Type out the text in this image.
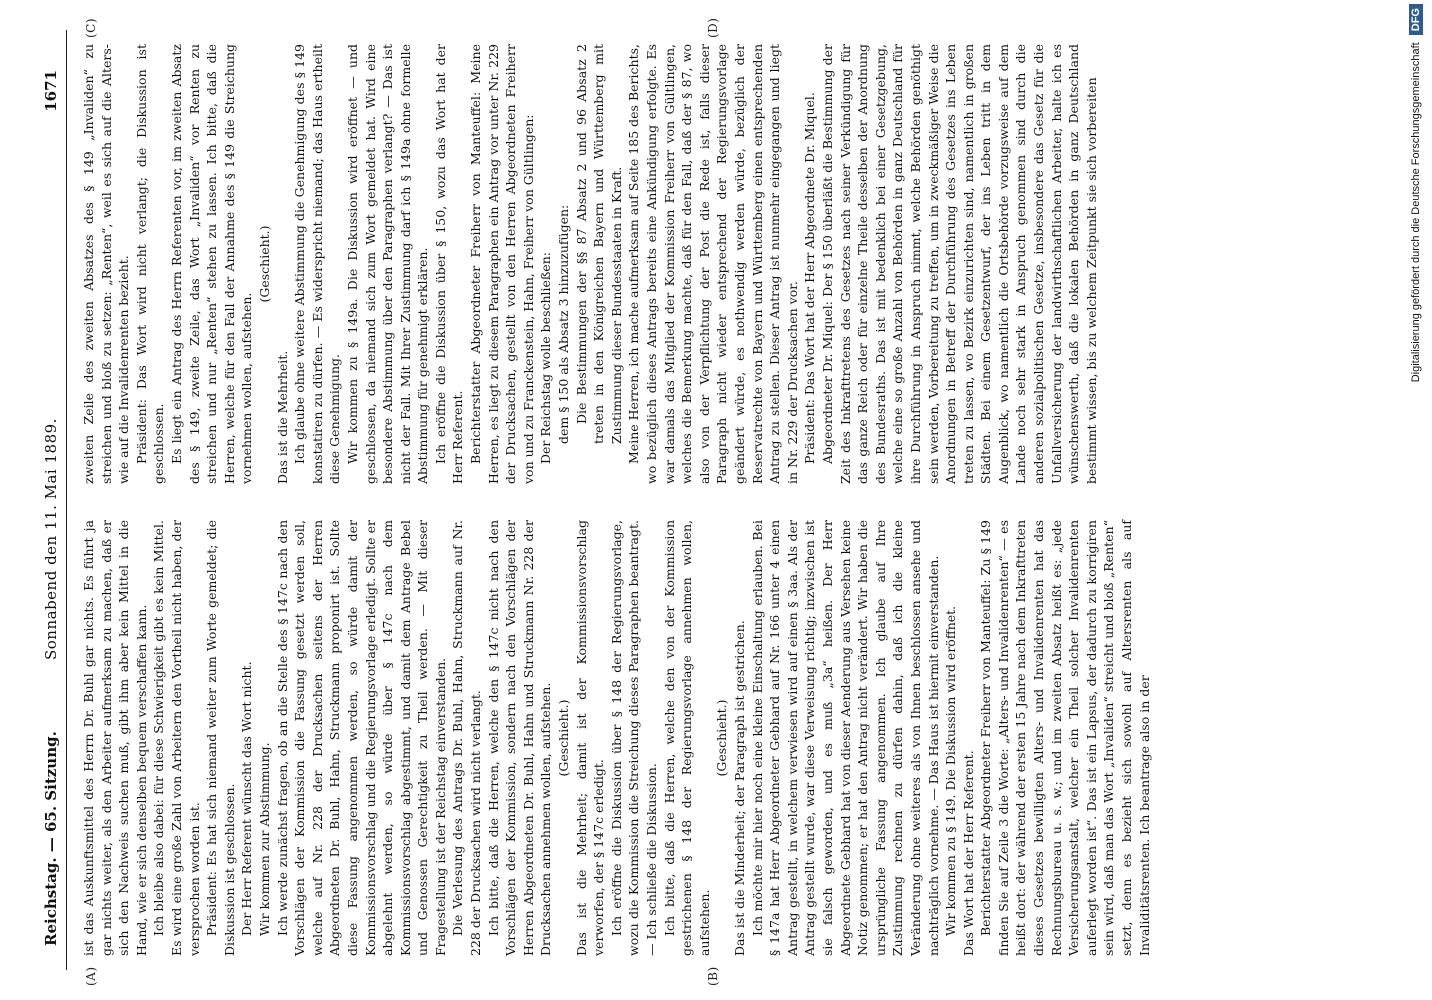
Reichstag. — 65. Sitzung.
Sonnabend den 11. Mai 1889.
1671
(A)	(B)
(C)	(D)

ist das Auskunftsmittel des Herrn Dr. Buhl gar nichts. Es führt ja gar nichts weiter, als den Arbeiter aufmerksam zu machen, daß er sich den Nachweis suchen muß, gibt ihm aber kein Mittel in die Hand, wie er sich denselben bequem verschaffen kann. Ich bleibe also dabei: für diese Schwierigkeit gibt es kein Mittel. Es wird eine große Zahl von Arbeitern den Vortheil nicht haben, der versprochen worden ist. Präsident: Es hat sich niemand weiter zum Worte gemeldet; die Diskussion ist geschlossen. Der Herr Referent wünscht das Wort nicht. Wir kommen zur Abstimmung. Ich werde zunächst fragen, ob an die Stelle des § 147c nach den Vorschlägen der Kommission die Fassung gesetzt werden soll, welche auf Nr. 228 der Drucksachen seitens der Herren Abgeordneten Dr. Buhl, Hahn, Struckmann proponirt ist. Sollte diese Fassung angenommen werden, so würde damit der Kommissionsvorschlag und die Regierungsvorlage erledigt. Sollte er abgelehnt werden, so würde über § 147c nach dem Kommissionsvorschlag abgestimmt, und damit dem Antrage Bebel und Genossen Gerechtigkeit zu Theil werden. — Mit dieser Fragestellung ist der Reichstag einverstanden. Die Verlesung des Antrags Dr. Buhl, Hahn, Struckmann auf Nr. 228 der Drucksachen wird nicht verlangt. Ich bitte, daß die Herren, welche den § 147c nicht nach den Vorschlägen der Kommission, sondern nach den Vorschlägen der Herren Abgeordneten Dr. Buhl, Hahn und Struckmann Nr. 228 der Drucksachen annehmen wollen, aufstehen. (Geschieht.) Das ist die Mehrheit; damit ist der Kommissionsvorschlag verworfen, der § 147c erledigt. Ich eröffne die Diskussion über § 148 der Regierungsvorlage, wozu die Kommission die Streichung dieses Paragraphen beantragt. — Ich schließe die Diskussion. Ich bitte, daß die Herren, welche den von der Kommission gestrichenen § 148 der Regierungsvorlage annehmen wollen, aufstehen.

(Geschieht.) Das ist die Minderheit; der Paragraph ist gestrichen. Ich möchte mir hier noch eine kleine Einschaltung erlauben. Bei § 147a hat Herr Abgeordneter Gebhard auf Nr. 166 unter 4 einen Antrag gestellt, in welchem verwiesen wird auf einen § 3aa. Als der Antrag gestellt wurde, war diese Verweisung richtig; inzwischen ist sie falsch geworden, und es muß „3a“ heißen. Der Herr Abgeordnete Gebhard hat von dieser Aenderung aus Versehen keine Notiz genommen; er hat den Antrag nicht verändert. Wir haben die ursprüngliche Fassung angenommen. Ich glaube auf Ihre Zustimmung rechnen zu dürfen dahin, daß ich die kleine Veränderung ohne weiteres als von Ihnen beschlossen ansehe und nachträglich vornehme. — Das Haus ist hiermit einverstanden. Wir kommen zu § 149. Die Diskussion wird eröffnet. Das Wort hat der Herr Referent. Berichterstatter Abgeordneter Freiherr von Manteuffel: Zu § 149 finden Sie auf Zeile 3 die Worte: „Alters- und Invalidenrenten“ — es heißt dort: der während der ersten 15 Jahre nach dem Inkrafttreten dieses Gesetzes bewilligten Alters- und Invalidenrenten hat das Rechnungsbureau u. s. w.; und im zweiten Absatz heißt es: „jede Versicherungsanstalt, welcher ein Theil solcher Invalidenrenten auferlegt worden ist“. Das ist ein Lapsus, der dadurch zu korrigiren sein wird, daß man das Wort „Invaliden“ streicht und bloß „Renten“ setzt, denn es bezieht sich sowohl auf Altersrenten als auf Invaliditätsrenten. Ich beantrage also in der

zweiten Zeile des zweiten Absatzes des § 149 „Invaliden“ zu streichen und bloß zu setzen: „Renten“, weil es sich auf die Alters- wie auf die Invalidenrenten bezieht. Präsident: Das Wort wird nicht verlangt; die Diskussion ist geschlossen. Es liegt ein Antrag des Herrn Referenten vor, im zweiten Absatz des § 149, zweite Zeile, das Wort „Invaliden“ vor Renten zu streichen und nur „Renten“ stehen zu lassen. Ich bitte, daß die Herren, welche für den Fall der Annahme des § 149 die Streichung vornehmen wollen, aufstehen.

(Geschieht.)

Das ist die Mehrheit. Ich glaube ohne weitere Abstimmung die Genehmigung des § 149 konstatiren zu dürfen. — Es widerspricht niemand; das Haus ertheilt diese Genehmigung. Wir kommen zu § 149a. Die Diskussion wird eröffnet — und geschlossen, da niemand sich zum Wort gemeldet hat. Wird eine besondere Abstimmung über den Paragraphen verlangt? — Das ist nicht der Fall. Mit Ihrer Zustimmung darf ich § 149a ohne formelle Abstimmung für genehmigt erklären. Ich eröffne die Diskussion über § 150, wozu das Wort hat der Herr Referent. Berichterstatter Abgeordneter Freiherr von Manteuffel: Meine Herren, es liegt zu diesem Paragraphen ein Antrag vor unter Nr. 229 der Drucksachen, gestellt von den Herren Abgeordneten Freiherr von und zu Franckenstein, Hahn, Freiherr von Gültlingen: Der Reichstag wolle beschließen: dem § 150 als Absatz 3 hinzuzufügen: Die Bestimmungen der §§ 87 Absatz 2 und 96 Absatz 2 treten in den Königreichen Bayern und Württemberg mit Zustimmung dieser Bundesstaaten in Kraft. Meine Herren, ich mache aufmerksam auf Seite 185 des Berichts, wo bezüglich dieses Antrags bereits eine Ankündigung erfolgte. Es war damals das Mitglied der Kommission Freiherr von Gültlingen, welches die Bemerkung machte, daß für den Fall, daß der § 87, wo also von der Verpflichtung der Post die Rede ist, falls dieser Paragraph nicht wieder entsprechend der Regierungsvorlage geändert würde, es nothwendig werden würde, bezüglich der Reservatrechte von Bayern und Württemberg einen entsprechenden Antrag zu stellen. Dieser Antrag ist nunmehr eingegangen und liegt in Nr. 229 der Drucksachen vor. Präsident: Das Wort hat der Herr Abgeordnete Dr. Miquel. Abgeordneter Dr. Miquel: Der § 150 überläßt die Bestimmung der Zeit des Inkrafttretens des Gesetzes nach seiner Verkündigung für das ganze Reich oder für einzelne Theile desselben der Anordnung des Bundesraths. Das ist mit bedenklich bei einer Gesetzgebung, welche eine so große Anzahl von Behörden in ganz Deutschland für ihre Durchführung in Anspruch nimmt, welche Behörden genöthigt sein werden, Vorbereitung zu treffen, um in zweckmäßiger Weise die Anordnungen in Betreff der Durchführung des Gesetzes ins Leben treten zu lassen, wo Bezirk einzurichten sind, namentlich in großen Städten. Bei einem Gesetzentwurf, der ins Leben tritt in dem Augenblick, wo namentlich die Ortsbehörde vorzugsweise auf dem Lande noch sehr stark in Anspruch genommen sind durch die anderen sozialpolitischen Gesetze, insbesondere das Gesetz für die Unfallversicherung der landwirthschaftlichen Arbeiter, halte ich es wünschenswerth, daß die lokalen Behörden in ganz Deutschland bestimmt wissen, bis zu welchem Zeitpunkt sie sich vorbereiten	Digitalisierung gefördert durch die Deutsche Forschungsgemeinschaft DFG
